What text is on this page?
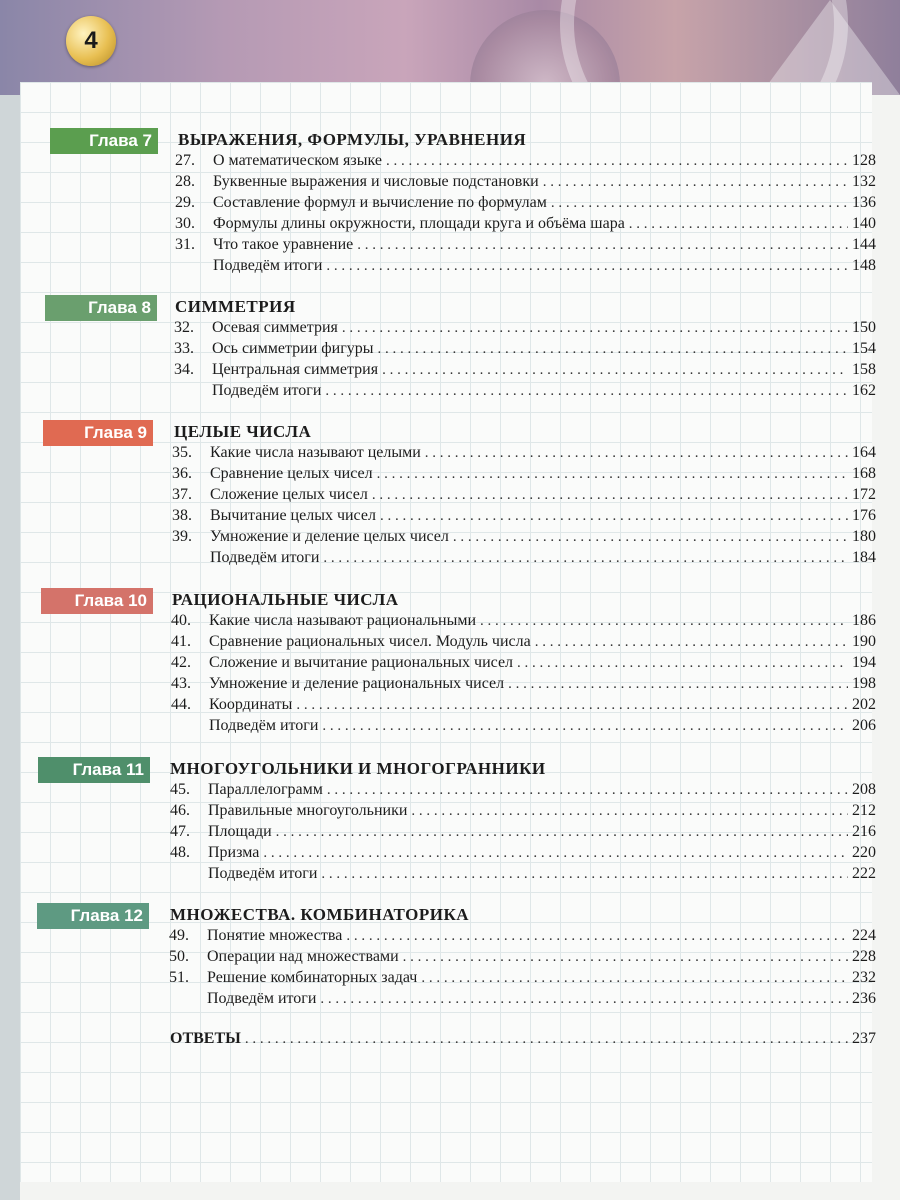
4
Глава 7	ВЫРАЖЕНИЯ, ФОРМУЛЫ, УРАВНЕНИЯ
27.	О математическом языке . . .	128
28.	Буквенные выражения и числовые подстановки . . .	132
29.	Составление формул и вычисление по формулам . . .	136
30.	Формулы длины окружности, площади круга и объёма шара . . .	140
31.	Что такое уравнение . . .	144
Подведём итоги . . .	148
Глава 8	СИММЕТРИЯ
32.	Осевая симметрия . . .	150
33.	Ось симметрии фигуры . . .	154
34.	Центральная симметрия . . .	158
Подведём итоги . . .	162
Глава 9	ЦЕЛЫЕ ЧИСЛА
35.	Какие числа называют целыми . . .	164
36.	Сравнение целых чисел . . .	168
37.	Сложение целых чисел . . .	172
38.	Вычитание целых чисел . . .	176
39.	Умножение и деление целых чисел . . .	180
Подведём итоги . . .	184
Глава 10	РАЦИОНАЛЬНЫЕ ЧИСЛА
40.	Какие числа называют рациональными . . .	186
41.	Сравнение рациональных чисел. Модуль числа . . .	190
42.	Сложение и вычитание рациональных чисел . . .	194
43.	Умножение и деление рациональных чисел . . .	198
44.	Координаты . . .	202
Подведём итоги . . .	206
Глава 11	МНОГОУГОЛЬНИКИ И МНОГОГРАННИКИ
45.	Параллелограмм . . .	208
46.	Правильные многоугольники . . .	212
47.	Площади . . .	216
48.	Призма . . .	220
Подведём итоги . . .	222
Глава 12	МНОЖЕСТВА. КОМБИНАТОРИКА
49.	Понятие множества . . .	224
50.	Операции над множествами . . .	228
51.	Решение комбинаторных задач . . .	232
Подведём итоги . . .	236
ОТВЕТЫ . . .	237
